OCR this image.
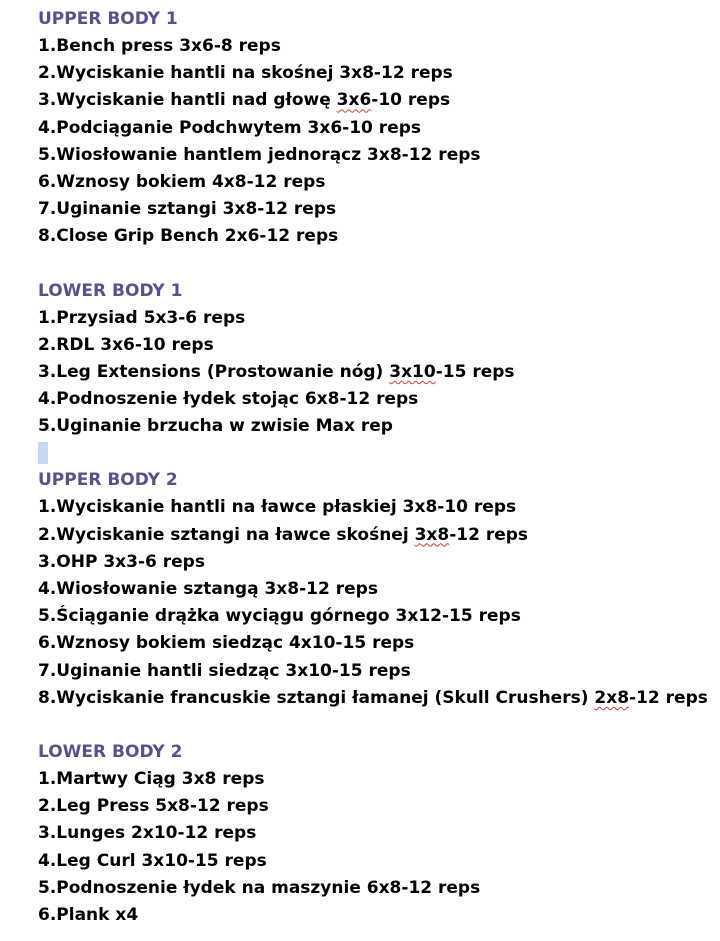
UPPER BODY 1
1.Bench press 3x6-8 reps
2.Wyciskanie hantli na skośnej 3x8-12 reps
3.Wyciskanie hantli nad głowę 3x6-10 reps
4.Podciąganie Podchwytem 3x6-10 reps
5.Wiosłowanie hantlem jednorącz 3x8-12 reps
6.Wznosy bokiem 4x8-12 reps
7.Uginanie sztangi 3x8-12 reps
8.Close Grip Bench 2x6-12 reps
LOWER BODY 1
1.Przysiad 5x3-6 reps
2.RDL 3x6-10 reps
3.Leg Extensions (Prostowanie nóg) 3x10-15 reps
4.Podnoszenie łydek stojąc 6x8-12 reps
5.Uginanie brzucha w zwisie Max rep
UPPER BODY 2
1.Wyciskanie hantli na ławce płaskiej 3x8-10 reps
2.Wyciskanie sztangi na ławce skośnej 3x8-12 reps
3.OHP 3x3-6 reps
4.Wiosłowanie sztangą 3x8-12 reps
5.Ściąganie drążka wyciągu górnego 3x12-15 reps
6.Wznosy bokiem siedząc 4x10-15 reps
7.Uginanie hantli siedząc 3x10-15 reps
8.Wyciskanie francuskie sztangi łamanej (Skull Crushers) 2x8-12 reps
LOWER BODY 2
1.Martwy Ciąg 3x8 reps
2.Leg Press 5x8-12 reps
3.Lunges 2x10-12 reps
4.Leg Curl 3x10-15 reps
5.Podnoszenie łydek na maszynie 6x8-12 reps
6.Plank x4
